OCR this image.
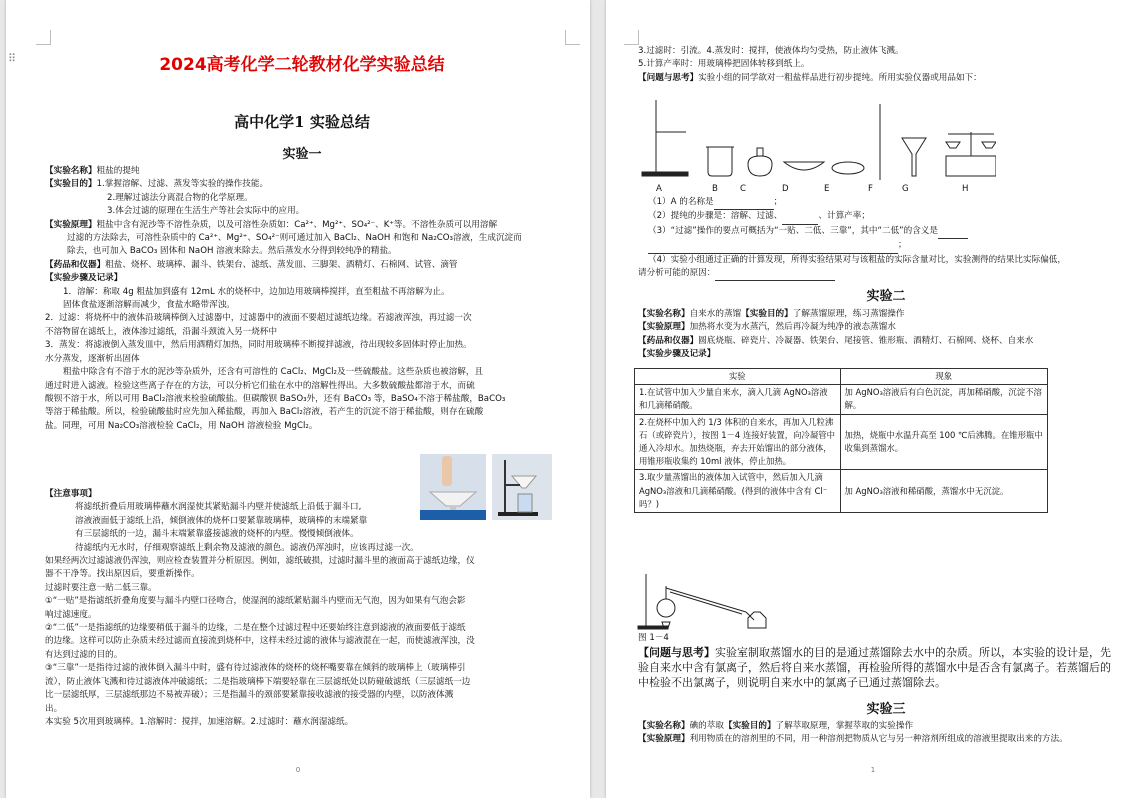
⠿	2024高考化学二轮教材化学实验总结

高中化学1 实验总结

实验一

【实验名称】粗盐的提纯

【实验目的】1.掌握溶解、过滤、蒸发等实验的操作技能。

2.理解过滤法分离混合物的化学原理。

3.体会过滤的原理在生活生产等社会实际中的应用。

【实验原理】粗盐中含有泥沙等不溶性杂质，以及可溶性杂质如：Ca²⁺、Mg²⁺、SO₄²⁻、K⁺等。不溶性杂质可以用溶解

过滤的方法除去，可溶性杂质中的 Ca²⁺、Mg²⁺、SO₄²⁻则可通过加入 BaCl₂、NaOH 和饱和 Na₂CO₃溶液，生成沉淀而

除去，也可加入 BaCO₃ 固体和 NaOH 溶液来除去。然后蒸发水分得到较纯净的精盐。

【药品和仪器】粗盐、烧杯、玻璃棒、漏斗、铁架台、滤纸、蒸发皿、三脚架、酒精灯、石棉网、试管、滴管

【实验步骤及记录】

1．溶解：称取 4g 粗盐加到盛有 12mL 水的烧杯中，边加边用玻璃棒搅拌，直至粗盐不再溶解为止。

固体食盐逐渐溶解而减少，食盐水略带浑浊。

2．过滤：将烧杯中的液体沿玻璃棒倒入过滤器中，过滤器中的液面不要超过滤纸边缘。若滤液浑浊，再过滤一次

不溶物留在滤纸上，液体渗过滤纸，沿漏斗颈流入另一烧杯中

3．蒸发：将滤液倒入蒸发皿中，然后用酒精灯加热，同时用玻璃棒不断搅拌滤液，待出现较多固体时停止加热。

水分蒸发，逐渐析出固体

粗盐中除含有不溶于水的泥沙等杂质外，还含有可溶性的 CaCl₂、MgCl₂及一些硫酸盐。这些杂质也被溶解，且

通过时进入滤液。检验这些离子存在的方法，可以分析它们盐在水中的溶解性得出。大多数硫酸盐都溶于水，而硫

酸钡不溶于水，所以可用 BaCl₂溶液来检验硫酸盐。但碳酸钡 BaSO₃外，还有 BaCO₃ 等，BaSO₄不溶于稀盐酸，BaCO₃

等溶于稀盐酸。所以，检验硫酸盐时应先加入稀盐酸，再加入 BaCl₂溶液，若产生的沉淀不溶于稀盐酸，则存在硫酸

盐。同理，可用 Na₂CO₃溶液检验 CaCl₂，用 NaOH 溶液检验 MgCl₂。

【注意事项】

将滤纸折叠后用玻璃棒蘸水润湿使其紧贴漏斗内壁并使滤纸上沿低于漏斗口,

溶液液面低于滤纸上沿，倾倒液体的烧杯口要紧靠玻璃棒，玻璃棒的末端紧靠

有三层滤纸的一边，漏斗末端紧靠盛接滤液的烧杯的内壁。慢慢倾倒液体。

待滤纸内无水时，仔细观察滤纸上剩余物及滤液的颜色。滤液仍浑浊时，应该再过滤一次。

如果经两次过滤滤液仍浑浊，则应检查装置并分析原因。例如，滤纸破损，过滤时漏斗里的液面高于滤纸边缘，仪

器不干净等。找出原因后，要重新操作。

过滤时要注意一贴二低三靠。

①“一贴”是指滤纸折叠角度要与漏斗内壁口径吻合，使湿润的滤纸紧贴漏斗内壁而无气泡，因为如果有气泡会影

响过滤速度。

②“二低”一是指滤纸的边缘要稍低于漏斗的边缘，二是在整个过滤过程中还要始终注意到滤液的液面要低于滤纸

的边缘。这样可以防止杂质未经过滤而直接流到烧杯中，这样未经过滤的液体与滤液混在一起，而使滤液浑浊，没

有达到过滤的目的。

③“三靠”一是指待过滤的液体倒入漏斗中时，盛有待过滤液体的烧杯的烧杯嘴要靠在倾斜的玻璃棒上（玻璃棒引

流），防止液体飞溅和待过滤液体冲破滤纸；二是指玻璃棒下端要轻靠在三层滤纸处以防碰破滤纸（三层滤纸一边

比一层滤纸厚，三层滤纸那边不易被弄破）；三是指漏斗的颈部要紧靠接收滤液的接受器的内壁，以防液体溅

出。

本实验 5次用到玻璃棒。1.溶解时：搅拌，加速溶解。2.过滤时：蘸水润湿滤纸。

0

3.过滤时：引流。4.蒸发时：搅拌，使液体均匀受热，防止液体飞溅。

5.计算产率时：用玻璃棒把固体转移到纸上。

【问题与思考】实验小组的同学欲对一粗盐样品进行初步提纯。所用实验仪器或用品如下：

A	B	C	D	E	F	G	H

（1）A 的名称是	；

（2）提纯的步骤是：溶解、过滤、	、计算产率；

（3）“过滤”操作的要点可概括为“一贴、二低、三靠”，其中“二低”的含义是

；

（4）实验小组通过正确的计算发现，所得实验结果对与该粗盐的实际含量对比，实验测得的结果比实际偏低，

请分析可能的原因：

实验二

【实验名称】自来水的蒸馏【实验目的】了解蒸馏原理，练习蒸馏操作

【实验原理】加热将水变为水蒸汽，然后再冷凝为纯净的液态蒸馏水

【药品和仪器】圆底烧瓶、碎瓷片、冷凝器、铁架台、尾接管、锥形瓶、酒精灯、石棉网、烧杯、自来水

【实验步骤及记录】

实验	现象
1.在试管中加入少量自来水，滴入几滴 AgNO₃溶液和几滴稀硝酸。	加 AgNO₃溶液后有白色沉淀，再加稀硝酸，沉淀不溶解。
2.在烧杯中加入约 1/3 体积的自来水，再加入几粒沸石（或碎瓷片），按图 1－4 连接好装置，向冷凝管中通入冷却水。加热烧瓶，弃去开始馏出的部分液体，用锥形瓶收集约 10ml 液体，停止加热。	加热，烧瓶中水温升高至 100 ℃后沸腾。在锥形瓶中收集到蒸馏水。
3.取少量蒸馏出的液体加入试管中，然后加入几滴 AgNO₃溶液和几滴稀硝酸。(得到的液体中含有 Cl⁻吗？)	加 AgNO₃溶液和稀硝酸，蒸馏水中无沉淀。
图 1－4

【问题与思考】实验室制取蒸馏水的目的是通过蒸馏除去水中的杂质。所以，本实验的设计是，先

验自来水中含有氯离子，然后将自来水蒸馏，再检验所得的蒸馏水中是否含有氯离子。若蒸馏后的

中检验不出氯离子，则说明自来水中的氯离子已通过蒸馏除去。

实验三

【实验名称】碘的萃取【实验目的】了解萃取原理，掌握萃取的实验操作

【实验原理】利用物质在的溶剂里的不同，用一种溶剂把物质从它与另一种溶剂所组成的溶液里提取出来的方法。

1
